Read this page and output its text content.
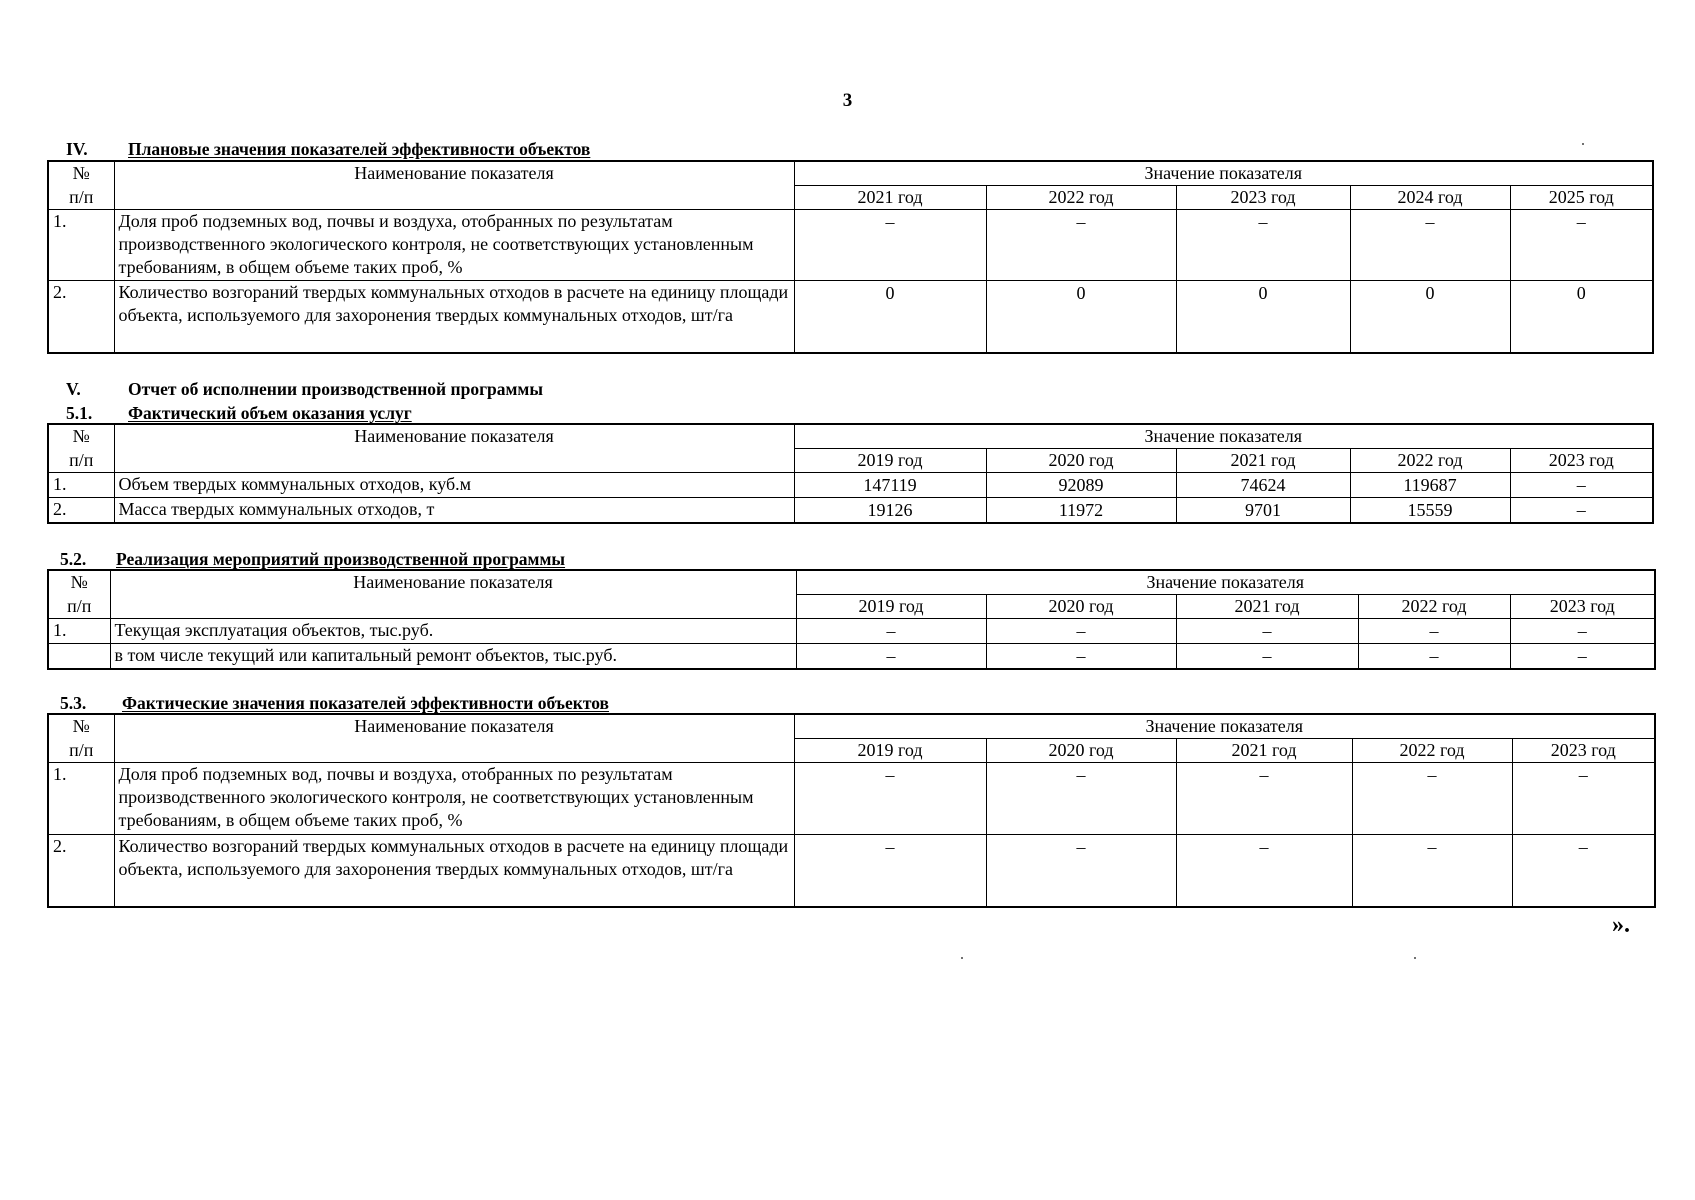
3
IV. Плановые значения показателей эффективности объектов
№	Наименование показателя	Значение показателя				
п/п		2021 год	2022 год	2023 год	2024 год	2025 год
1.	Доля проб подземных вод, почвы и воздуха, отобранных по результатам производственного экологического контроля, не соответствующих установленным требованиям, в общем объеме таких проб, %	–	–	–	–	–
2.	Количество возгораний твердых коммунальных отходов в расчете на единицу площади объекта, используемого для захоронения твердых коммунальных отходов, шт/га	0	0	0	0	0
V.	Отчет об исполнении производственной программы
5.1. Фактический объем оказания услуг
№	Наименование показателя	Значение показателя				
п/п		2019 год	2020 год	2021 год	2022 год	2023 год
1.	Объем твердых коммунальных отходов, куб.м	147119	92089	74624	119687	–
2.	Масса твердых коммунальных отходов, т	19126	11972	9701	15559	–
5.2. Реализация мероприятий производственной программы
№	Наименование показателя	Значение показателя				
п/п		2019 год	2020 год	2021 год	2022 год	2023 год
1.	Текущая эксплуатация объектов, тыс.руб.	–	–	–	–	–
	в том числе текущий или капитальный ремонт объектов, тыс.руб.	–	–	–	–	–
5.3. Фактические значения показателей эффективности объектов
№	Наименование показателя	Значение показателя				
п/п		2019 год	2020 год	2021 год	2022 год	2023 год
1.	Доля проб подземных вод, почвы и воздуха, отобранных по результатам производственного экологического контроля, не соответствующих установленным требованиям, в общем объеме таких проб, %	–	–	–	–	–
2.	Количество возгораний твердых коммунальных отходов в расчете на единицу площади объекта, используемого для захоронения твердых коммунальных отходов, шт/га	–	–	–	–	–
».
